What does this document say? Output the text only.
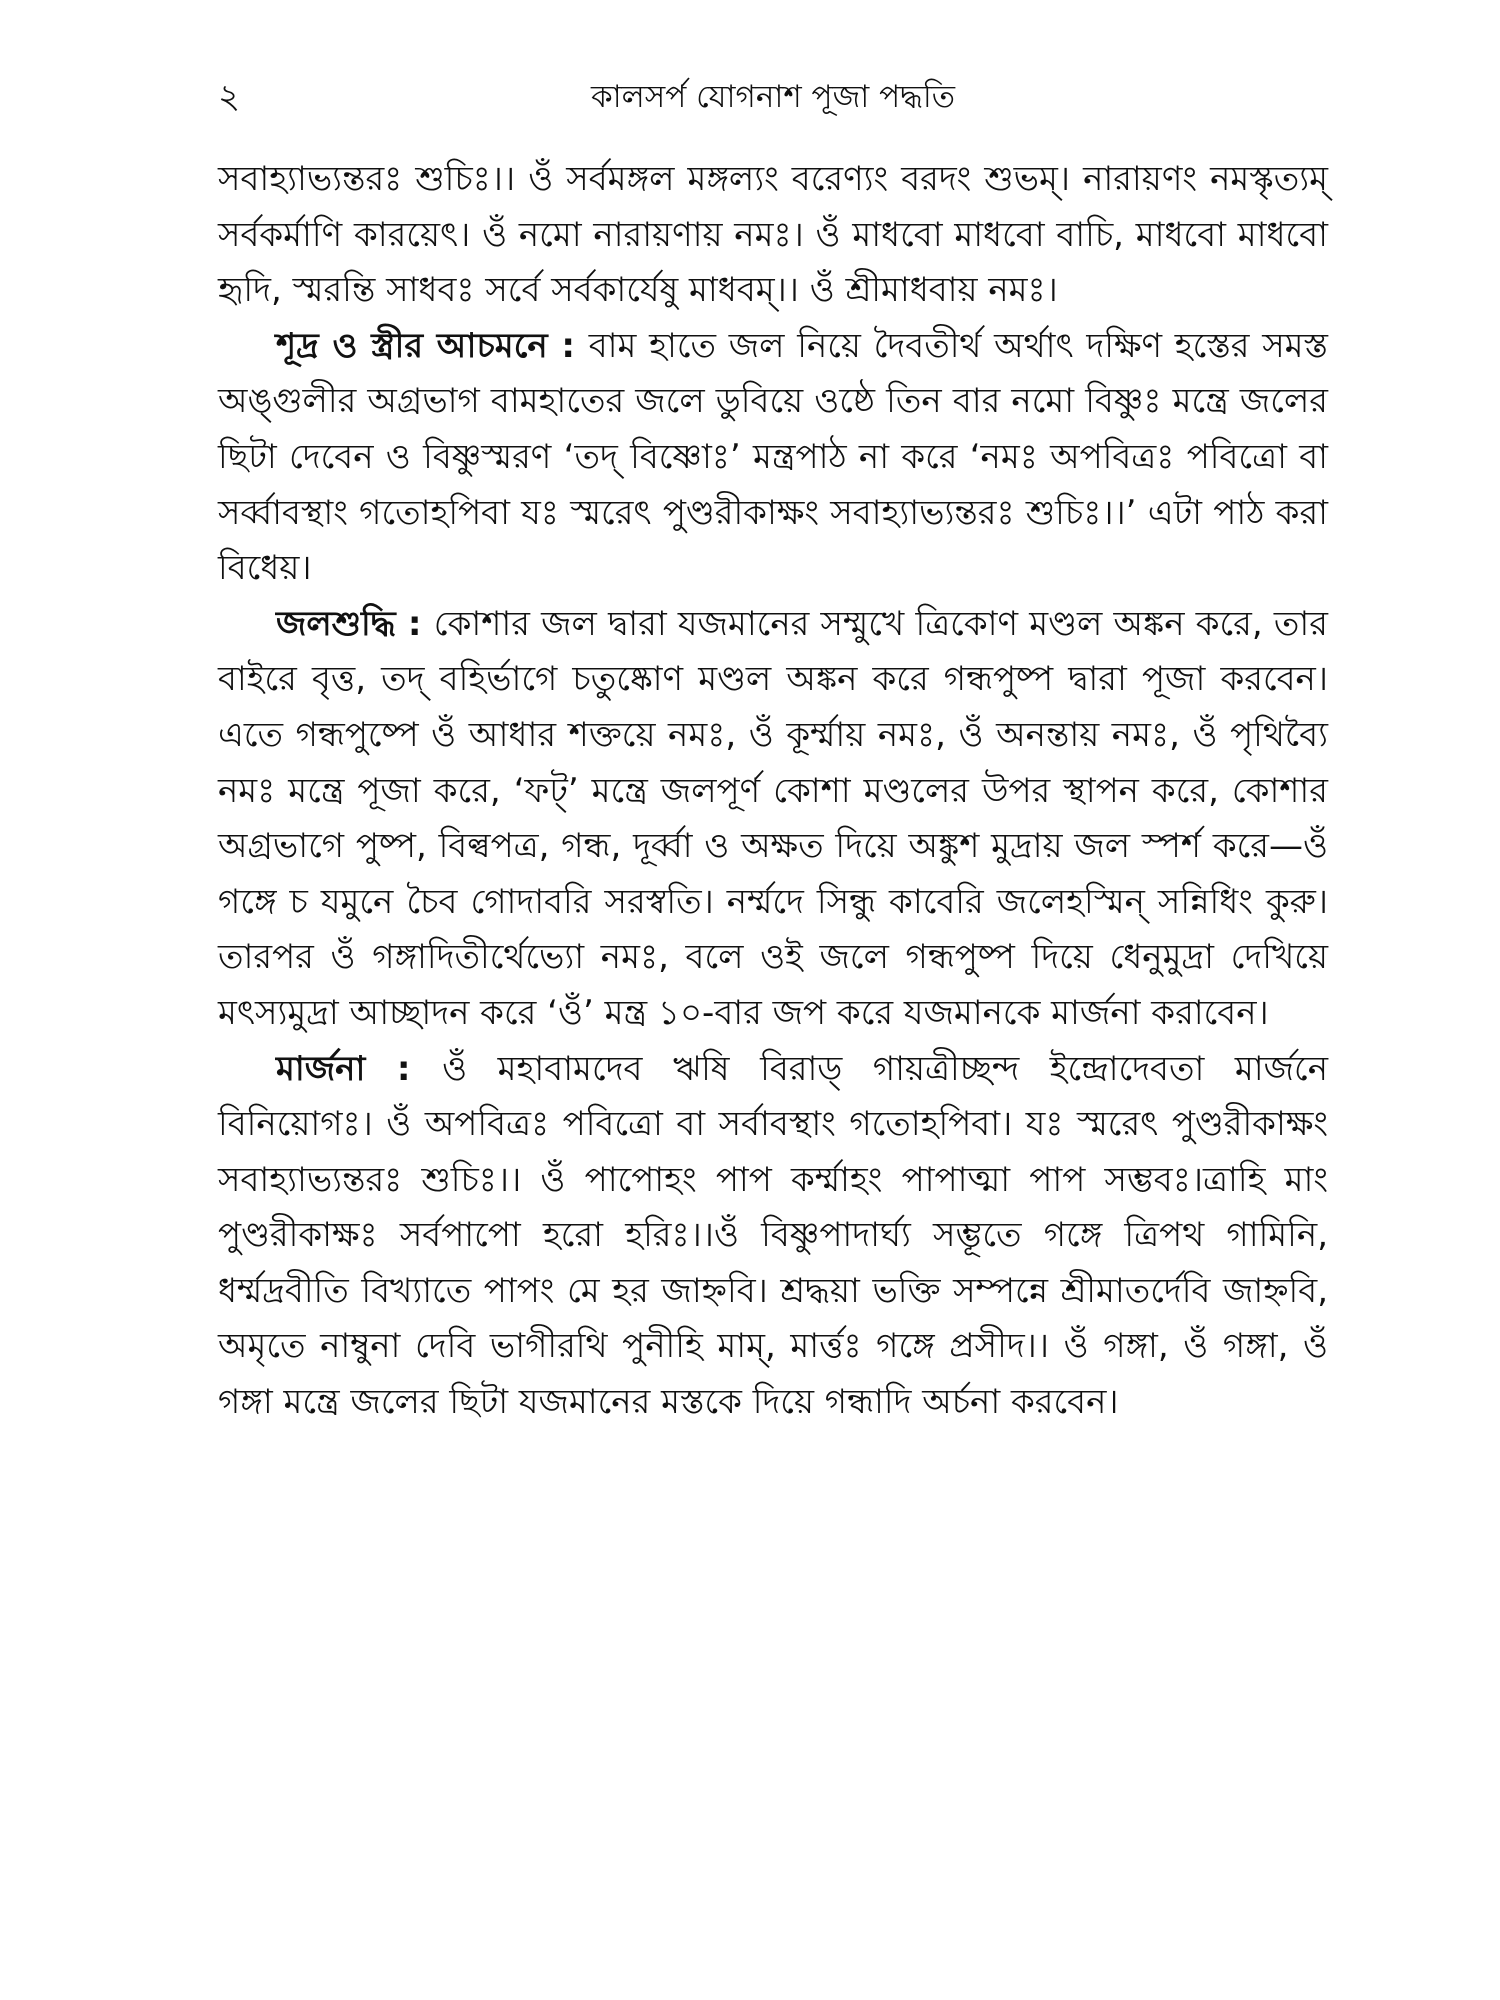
২	কালসর্প যোগনাশ পূজা পদ্ধতি

সবাহ্যাভ্যন্তরঃ শুচিঃ।। ওঁ সর্বমঙ্গল মঙ্গল্যং বরেণ্যং বরদং শুভম্। নারায়ণং নমস্কৃত্যম্ সর্বকর্মাণি কারয়েৎ। ওঁ নমো নারায়ণায় নমঃ। ওঁ মাধবো মাধবো বাচি, মাধবো মাধবো হৃদি, স্মরন্তি সাধবঃ সর্বে সর্বকার্যেষু মাধবম্।। ওঁ শ্রীমাধবায় নমঃ।

শূদ্র ও স্ত্রীর আচমনে : বাম হাতে জল নিয়ে দৈবতীর্থ অর্থাৎ দক্ষিণ হস্তের সমস্ত অঙ্গুলীর অগ্রভাগ বামহাতের জলে ডুবিয়ে ওষ্ঠে তিন বার নমো বিষ্ণুঃ মন্ত্রে জলের ছিটা দেবেন ও বিষ্ণুস্মরণ ‘তদ্ বিষ্ণোঃ’ মন্ত্রপাঠ না করে ‘নমঃ অপবিত্রঃ পবিত্রো বা সর্ব্বাবস্থাং গতোহপিবা যঃ স্মরেৎ পুণ্ডরীকাক্ষং সবাহ্যাভ্যন্তরঃ শুচিঃ।।’ এটা পাঠ করা বিধেয়।

জলশুদ্ধি : কোশার জল দ্বারা যজমানের সম্মুখে ত্রিকোণ মণ্ডল অঙ্কন করে, তার বাইরে বৃত্ত, তদ্ বহির্ভাগে চতুষ্কোণ মণ্ডল অঙ্কন করে গন্ধপুষ্প দ্বারা পূজা করবেন। এতে গন্ধপুষ্পে ওঁ আধার শক্তয়ে নমঃ, ওঁ কূর্ম্মায় নমঃ, ওঁ অনন্তায় নমঃ, ওঁ পৃথিব্যৈ নমঃ মন্ত্রে পূজা করে, ‘ফট্’ মন্ত্রে জলপূর্ণ কোশা মণ্ডলের উপর স্থাপন করে, কোশার অগ্রভাগে পুষ্প, বিল্বপত্র, গন্ধ, দূর্ব্বা ও অক্ষত দিয়ে অঙ্কুশ মুদ্রায় জল স্পর্শ করে—ওঁ গঙ্গে চ যমুনে চৈব গোদাবরি সরস্বতি। নর্ম্মদে সিন্ধু কাবেরি জলেহস্মিন্ সন্নিধিং কুরু। তারপর ওঁ গঙ্গাদিতীর্থেভ্যো নমঃ, বলে ওই জলে গন্ধপুষ্প দিয়ে ধেনুমুদ্রা দেখিয়ে মৎস্যমুদ্রা আচ্ছাদন করে ‘ওঁ’ মন্ত্র ১০-বার জপ করে যজমানকে মার্জনা করাবেন।

মার্জনা : ওঁ মহাবামদেব ঋষি বিরাড্ গায়ত্রীচ্ছন্দ ইন্দ্রোদেবতা মার্জনে বিনিয়োগঃ। ওঁ অপবিত্রঃ পবিত্রো বা সর্বাবস্থাং গতোহপিবা। যঃ স্মরেৎ পুণ্ডরীকাক্ষং সবাহ্যাভ্যন্তরঃ শুচিঃ।। ওঁ পাপোহং পাপ কর্ম্মাহং পাপাত্মা পাপ সম্ভবঃ।ত্রাহি মাং পুণ্ডরীকাক্ষঃ সর্বপাপো হরো হরিঃ।।ওঁ বিষ্ণুপাদার্ঘ্য সম্ভূতে গঙ্গে ত্রিপথ গামিনি, ধর্ম্মদ্রবীতি বিখ্যাতে পাপং মে হর জাহ্নবি। শ্রদ্ধয়া ভক্তি সম্পন্নে শ্রীমাতর্দেবি জাহ্নবি, অমৃতে নাম্বুনা দেবি ভাগীরথি পুনীহি মাম্, মার্ত্তঃ গঙ্গে প্রসীদ।। ওঁ গঙ্গা, ওঁ গঙ্গা, ওঁ গঙ্গা মন্ত্রে জলের ছিটা যজমানের মস্তকে দিয়ে গন্ধাদি অর্চনা করবেন।
